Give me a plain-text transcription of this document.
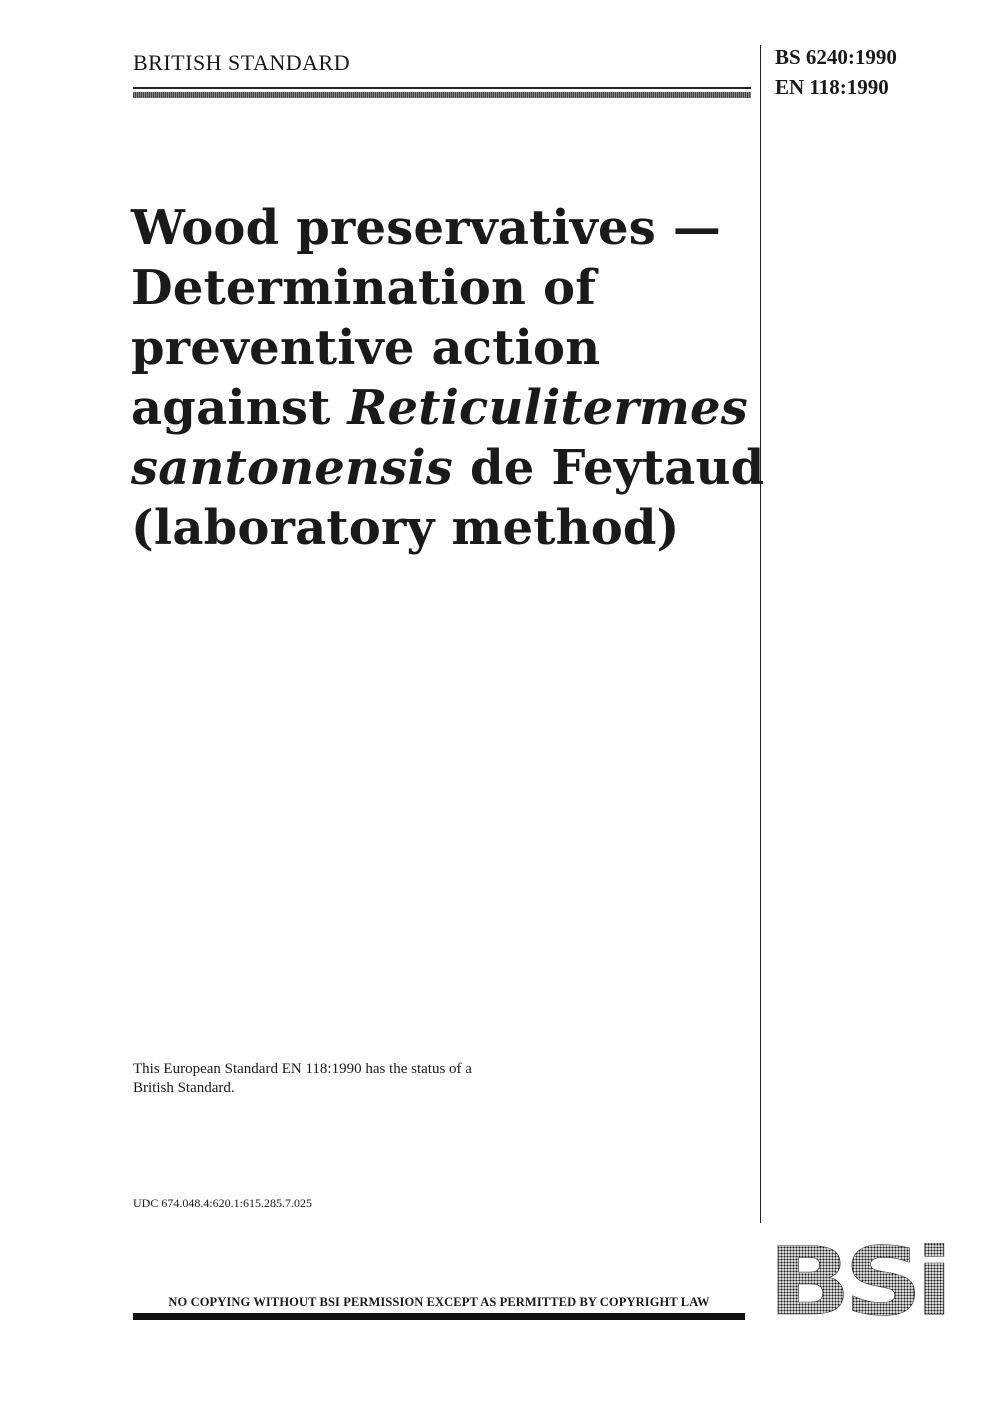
BRITISH STANDARD	BS 6240:1990
EN 118:1990
Wood preservatives —
Determination of
preventive action
against Reticulitermes
santonensis de Feytaud
(laboratory method)
This European Standard EN 118:1990 has the status of a
British Standard.
UDC 674.048.4:620.1:615.285.7.025
NO COPYING WITHOUT BSI PERMISSION EXCEPT AS PERMITTED BY COPYRIGHT LAW BSi
